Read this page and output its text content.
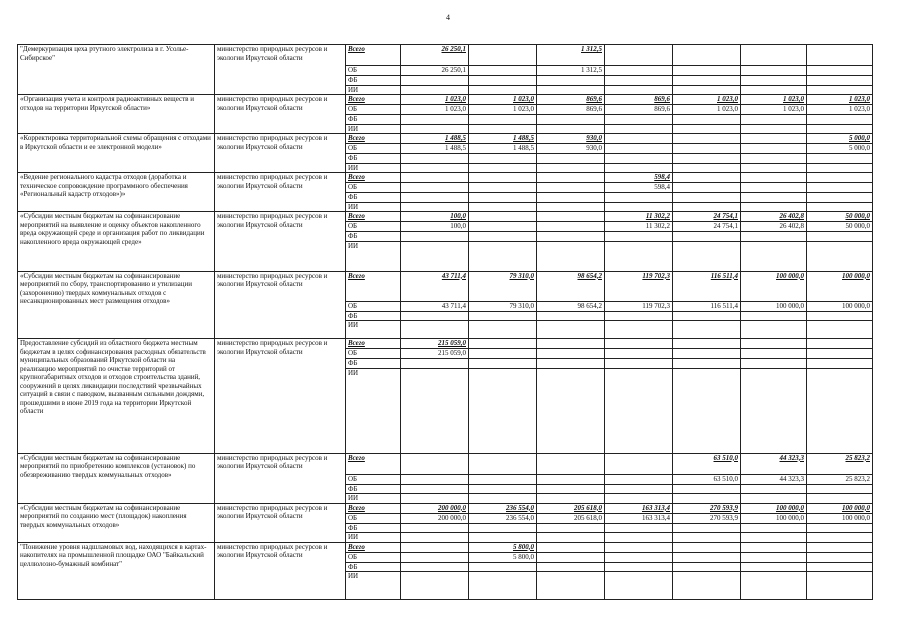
4
"Демеркуризация цеха ртутного электролиза в г. Усолье-Сибирское"	министерство природных ресурсов и экологии Иркутской области	Всего	26 250,1		1 312,5				
		ОБ	26 250,1		1 312,5				
		ФБ							
		ИИ							
«Организация учета и контроля радиоактивных веществ и отходов на территории Иркутской области»	министерство природных ресурсов и экологии Иркутской области	Всего	1 023,0	1 023,0	869,6	869,6	1 023,0	1 023,0	1 023,0
		ОБ	1 023,0	1 023,0	869,6	869,6	1 023,0	1 023,0	1 023,0
		ФБ							
		ИИ							
«Корректировка территориальной схемы обращения с отходами в Иркутской области и ее электронной модели»	министерство природных ресурсов и экологии Иркутской области	Всего	1 488,5	1 488,5	930,0				5 000,0
		ОБ	1 488,5	1 488,5	930,0				5 000,0
		ФБ							
		ИИ							
«Ведение регионального кадастра отходов (доработка и техническое сопровождение программного обеспечения «Региональный кадастр отходов»)»	министерство природных ресурсов и экологии Иркутской области	Всего				598,4			
		ОБ				598,4			
		ФБ							
		ИИ							
«Субсидии местным бюджетам на софинансирование мероприятий на выявление и оценку объектов накопленного вреда окружающей среде и организация работ по ликвидации накопленного вреда окружающей среде»	министерство природных ресурсов и экологии Иркутской области	Всего	100,0			11 302,2	24 754,1	26 402,8	50 000,0
		ОБ	100,0			11 302,2	24 754,1	26 402,8	50 000,0
		ФБ							
		ИИ							
«Субсидии местным бюджетам на софинансирование мероприятий по сбору, транспортированию и утилизации (захоронению) твердых коммунальных отходов с несанкционированных мест размещения отходов»	министерство природных ресурсов и экологии Иркутской области	Всего	43 711,4	79 310,0	98 654,2	119 702,3	116 511,4	100 000,0	100 000,0
		ОБ	43 711,4	79 310,0	98 654,2	119 702,3	116 511,4	100 000,0	100 000,0
		ФБ							
		ИИ							
Предоставление субсидий из областного бюджета местным бюджетам в целях софинансирования расходных обязательств муниципальных образований Иркутской области на реализацию мероприятий по очистке территорий от крупногабаритных отходов и отходов строительства зданий, сооружений в целях ликвидации последствий чрезвычайных ситуаций в связи с паводком, вызванным сильными дождями, прошедшими в июне 2019 года на территории Иркутской области	министерство природных ресурсов и экологии Иркутской области	Всего	215 059,0						
		ОБ	215 059,0						
		ФБ							
		ИИ							
«Субсидии местным бюджетам на софинансирование мероприятий по приобретению комплексов (установок) по обезвреживанию твердых коммунальных отходов»	министерство природных ресурсов и экологии Иркутской области	Всего					63 510,0	44 323,3	25 823,2
		ОБ					63 510,0	44 323,3	25 823,2
		ФБ							
		ИИ							
«Субсидии местным бюджетам на софинансирование мероприятий по созданию мест (площадок) накопления твердых коммунальных отходов»	министерство природных ресурсов и экологии Иркутской области	Всего	200 000,0	236 554,0	205 618,0	163 313,4	270 593,9	100 000,0	100 000,0
		ОБ	200 000,0	236 554,0	205 618,0	163 313,4	270 593,9	100 000,0	100 000,0
		ФБ							
		ИИ							
"Понижение уровня надшламовых вод, находящихся в картах-накопителях на промышленной площадке ОАО "Байкальский целлюлозно-бумажный комбинат"	министерство природных ресурсов и экологии Иркутской области	Всего		5 800,0					
		ОБ		5 800,0					
		ФБ							
		ИИ							
